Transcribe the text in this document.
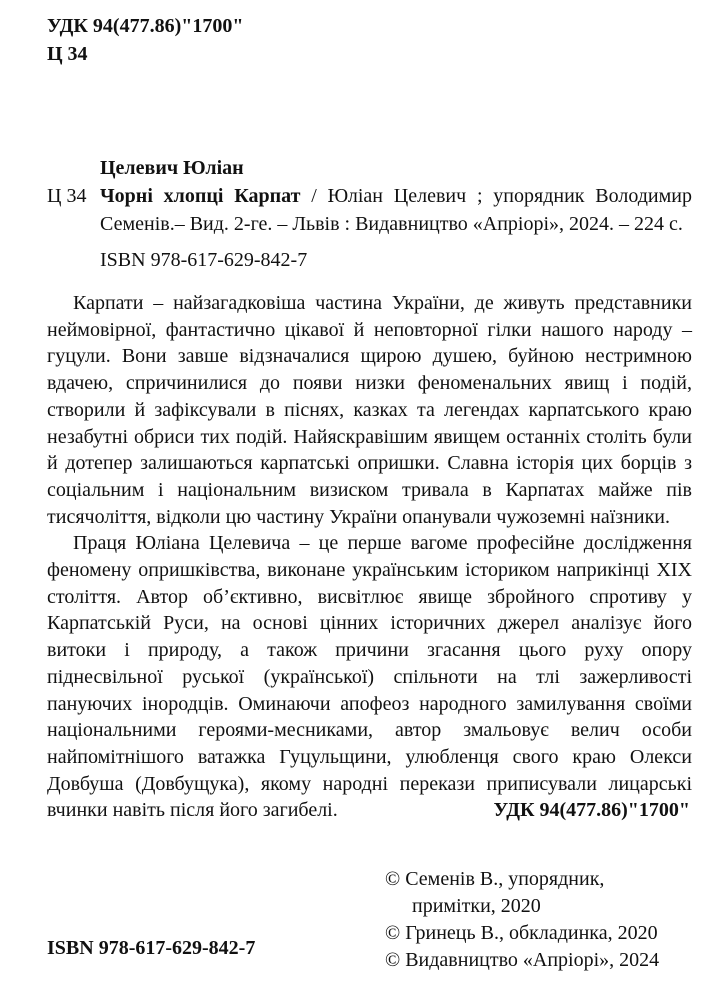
УДК 94(477.86)"1700"
Ц 34
Целевич Юліан
Ц 34 Чорні хлопці Карпат / Юліан Целевич ; упорядник Володимир Семенів.– Вид. 2-ге. – Львів : Видавництво «Апріорі», 2024. – 224 с.
ISBN 978-617-629-842-7

Карпати – найзагадковіша частина України, де живуть представники неймовірної, фантастично цікавої й неповторної гілки нашого народу – гуцули. Вони завше відзначалися щирою душею, буйною нестримною вдачею, спричинилися до появи низки феноменальних явищ і подій, створили й зафіксували в піснях, казках та легендах карпатського краю незабутні обриси тих подій. Найяскравішим явищем останніх століть були й дотепер залишаються карпатські опришки. Славна історія цих борців з соціальним і національним визиском тривала в Карпатах майже пів тисячоліття, відколи цю частину України опанували чужоземні наїзники.

Праця Юліана Целевича – це перше вагоме професійне дослідження феномену опришківства, виконане українським істориком наприкінці XIX століття. Автор об’єктивно, висвітлює явище збройного спротиву у Карпатській Руси, на основі цінних історичних джерел аналізує його витоки і природу, а також причини згасання цього руху опору піднесвільної руської (української) спільноти на тлі зажерливості пануючих інородців. Оминаючи апофеоз народного замилування своїми національними героями-месниками, автор змальовує велич особи найпомітнішого ватажка Гуцульщини, улюбленця свого краю Олекси Довбуша (Довбущука), якому народні перекази приписували лицарські вчинки навіть після його загибелі.	УДК 94(477.86)"1700"
© Семенів В., упорядник,
примітки, 2020
© Гринець В., обкладинка, 2020
© Видавництво «Апріорі», 2024
ISBN 978-617-629-842-7
